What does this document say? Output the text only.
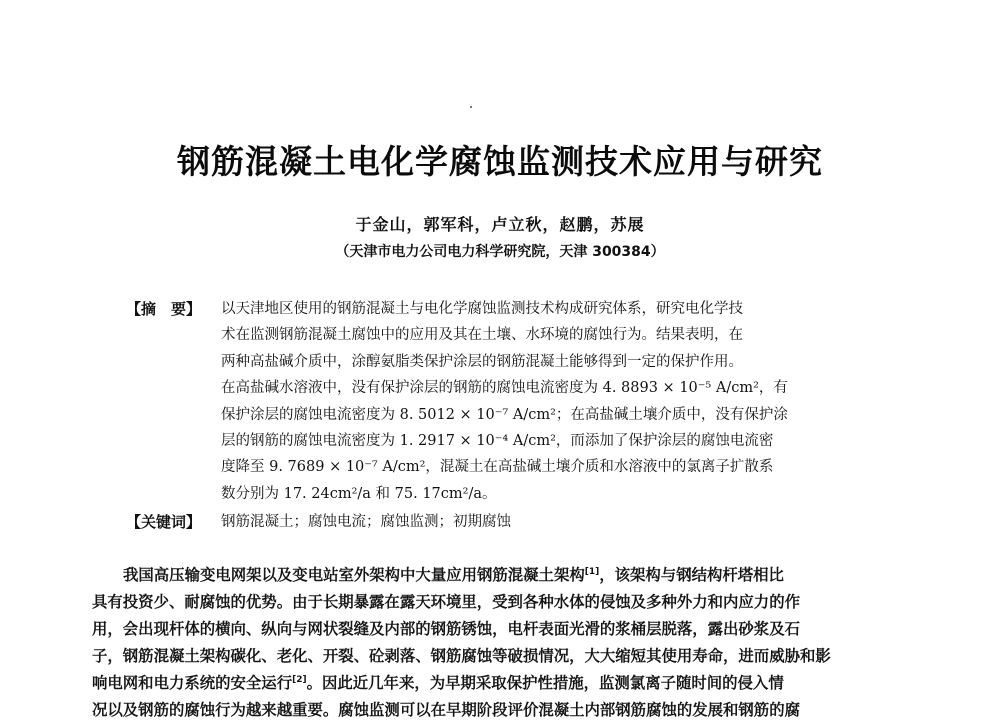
钢筋混凝土电化学腐蚀监测技术应用与研究
于金山，郭军科，卢立秋，赵鹏，苏展
（天津市电力公司电力科学研究院，天津 300384）
【摘　要】	以天津地区使用的钢筋混凝土与电化学腐蚀监测技术构成研究体系，研究电化学技
术在监测钢筋混凝土腐蚀中的应用及其在土壤、水环境的腐蚀行为。结果表明，在
两种高盐碱介质中，涂醇氨脂类保护涂层的钢筋混凝土能够得到一定的保护作用。
在高盐碱水溶液中，没有保护涂层的钢筋的腐蚀电流密度为 4. 8893 × 10⁻⁵ A/cm²，有
保护涂层的腐蚀电流密度为 8. 5012 × 10⁻⁷ A/cm²；在高盐碱土壤介质中，没有保护涂
层的钢筋的腐蚀电流密度为 1. 2917 × 10⁻⁴ A/cm²，而添加了保护涂层的腐蚀电流密
度降至 9. 7689 × 10⁻⁷ A/cm²，混凝土在高盐碱土壤介质和水溶液中的氯离子扩散系
数分别为 17. 24cm²/a 和 75. 17cm²/a。
【关键词】	钢筋混凝土；腐蚀电流；腐蚀监测；初期腐蚀
我国高压输变电网架以及变电站室外架构中大量应用钢筋混凝土架构[1]，该架构与钢结构杆塔相比
具有投资少、耐腐蚀的优势。由于长期暴露在露天环境里，受到各种水体的侵蚀及多种外力和内应力的作
用，会出现杆体的横向、纵向与网状裂缝及内部的钢筋锈蚀，电杆表面光滑的浆桶层脱落，露出砂浆及石
子，钢筋混凝土架构碳化、老化、开裂、砼剥落、钢筋腐蚀等破损情况，大大缩短其使用寿命，进而威胁和影
响电网和电力系统的安全运行[2]。因此近几年来，为早期采取保护性措施，监测氯离子随时间的侵入情
况以及钢筋的腐蚀行为越来越重要。腐蚀监测可以在早期阶段评价混凝土内部钢筋腐蚀的发展和钢筋的腐
